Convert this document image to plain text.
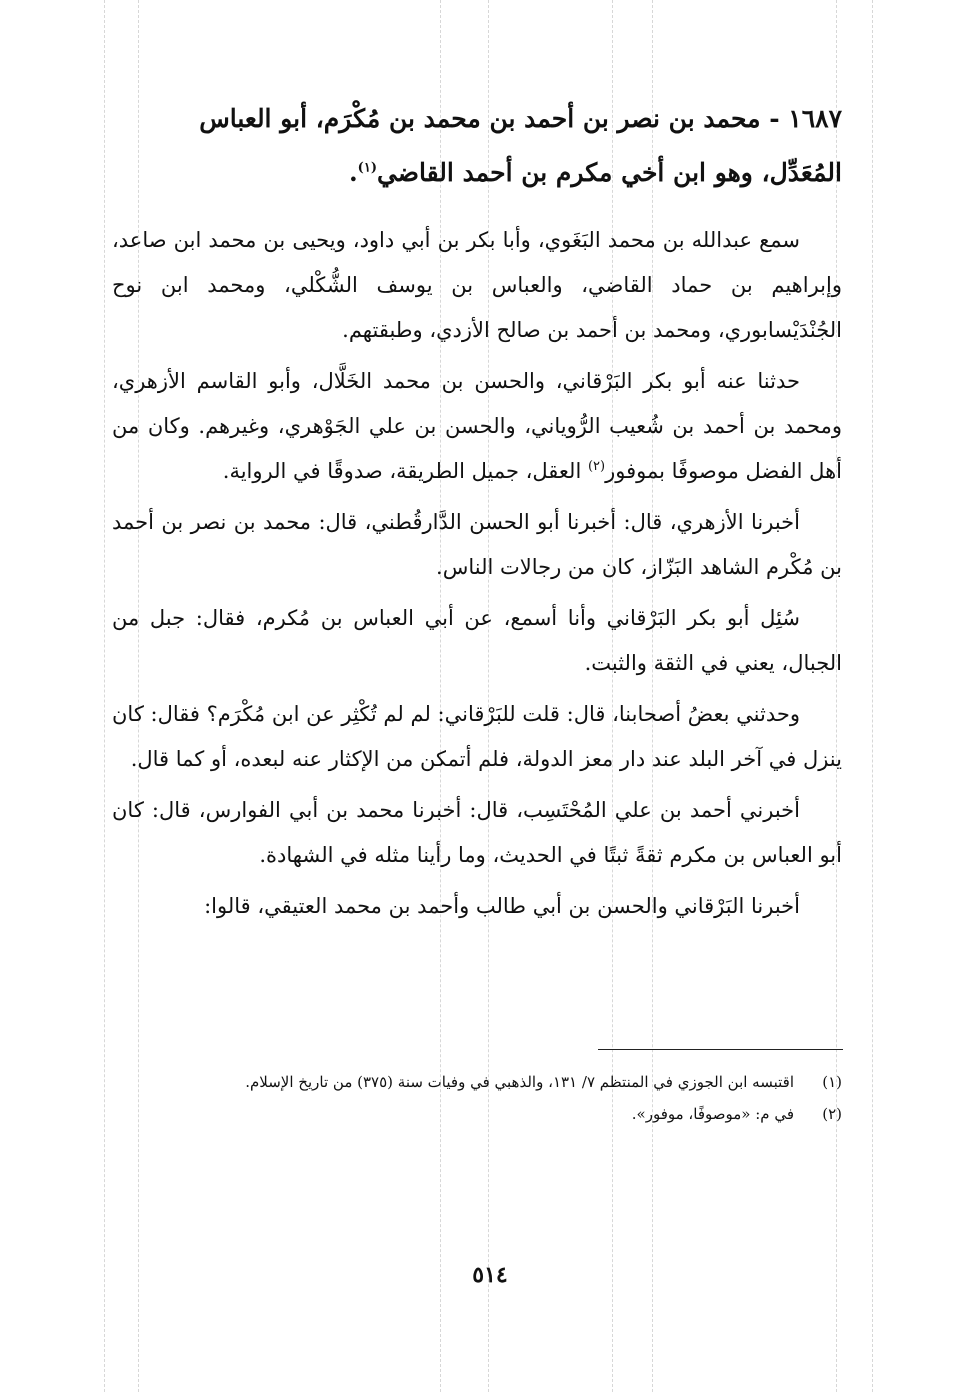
١٦٨٧ - محمد بن نصر بن أحمد بن محمد بن مُكْرَم، أبو العباس
المُعَدِّل، وهو ابن أخي مكرم بن أحمد القاضي$^{(١)}$.

سمع عبدالله بن محمد البَغَوي، وأبا بكر بن أبي داود، ويحيى بن محمد ابن صاعد، وإبراهيم بن حماد القاضي، والعباس بن يوسف الشُّكْلي، ومحمد ابن نوح الجُنْدَيْسابوري، ومحمد بن أحمد بن صالح الأزدي، وطبقتهم.

حدثنا عنه أبو بكر البَرْقاني، والحسن بن محمد الخَلَّال، وأبو القاسم الأزهري، ومحمد بن أحمد بن شُعيب الرُّوياني، والحسن بن علي الجَوْهري، وغيرهم. وكان من أهل الفضل موصوفًا بموفور$^{(٢)}$ العقل، جميل الطريقة، صدوقًا في الرواية.

أخبرنا الأزهري، قال: أخبرنا أبو الحسن الدَّارقُطني، قال: محمد بن نصر بن أحمد بن مُكْرم الشاهد البَزّاز، كان من رجالات الناس.

سُئِل أبو بكر البَرْقاني وأنا أسمع، عن أبي العباس بن مُكرم، فقال: جبل من الجبال، يعني في الثقة والثبت.

وحدثني بعضُ أصحابنا، قال: قلت للبَرْقاني: لم لم تُكْثِر عن ابن مُكْرَم؟ فقال: كان ينزل في آخر البلد عند دار معز الدولة، فلم أتمكن من الإكثار عنه لبعده، أو كما قال.

أخبرني أحمد بن علي المُحْتَسِب، قال: أخبرنا محمد بن أبي الفوارس، قال: كان أبو العباس بن مكرم ثقةً ثبتًا في الحديث، وما رأينا مثله في الشهادة.

أخبرنا البَرْقاني والحسن بن أبي طالب وأحمد بن محمد العتيقي، قالوا:

(١)
اقتبسه ابن الجوزي في المنتظم ٧/ ١٣١، والذهبي في وفيات سنة (٣٧٥) من تاريخ الإسلام.
(٢)
في م: «موصوفًا، موفور».
٥١٤
